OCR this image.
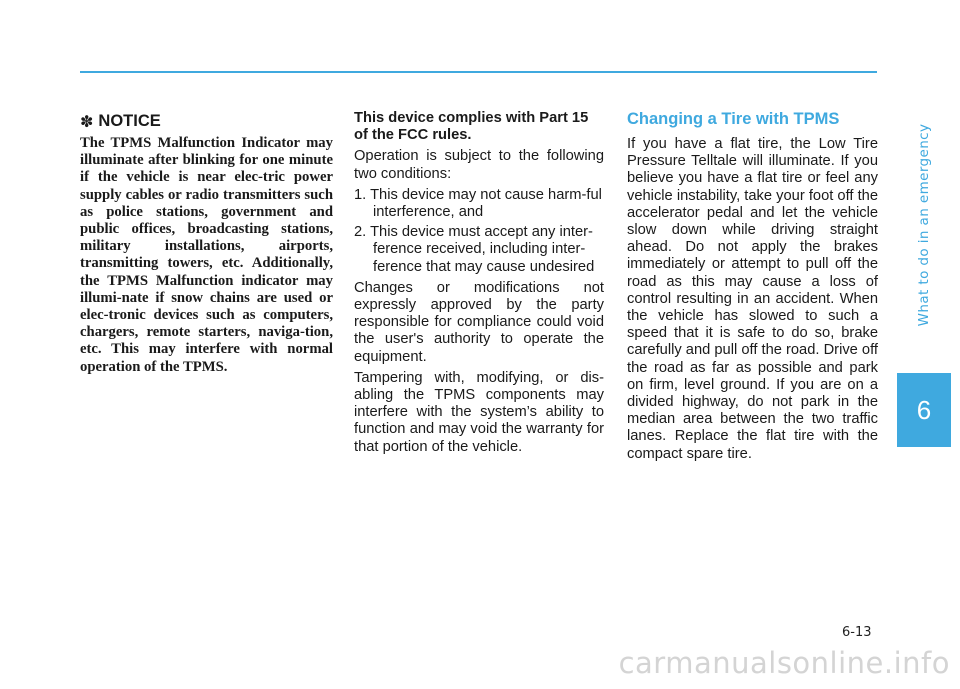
What to do in an emergency
6
✽ NOTICE

The TPMS Malfunction Indicator may illuminate after blinking for one minute if the vehicle is near elec-tric power supply cables or radio transmitters such as police stations, government and public offices, broadcasting stations, military installations, airports, transmitting towers, etc. Additionally, the TPMS Malfunction indicator may illumi-nate if snow chains are used or elec-tronic devices such as computers, chargers, remote starters, naviga-tion, etc. This may interfere with normal operation of the TPMS.

This device complies with Part 15 of the FCC rules.

Operation is subject to the following two conditions:

1. This device may not cause harm-ful interference, and
2. This device must accept any inter-ference received, including inter-ference that may cause undesired

Changes or modifications not expressly approved by the party responsible for compliance could void the user's authority to operate the equipment.

Tampering with, modifying, or dis-abling the TPMS components may interfere with the system’s ability to function and may void the warranty for that portion of the vehicle.

Changing a Tire with TPMS

If you have a flat tire, the Low Tire Pressure Telltale will illuminate. If you believe you have a flat tire or feel any vehicle instability, take your foot off the accelerator pedal and let the vehicle slow down while driving straight ahead. Do not apply the brakes immediately or attempt to pull off the road as this may cause a loss of control resulting in an accident. When the vehicle has slowed to such a speed that it is safe to do so, brake carefully and pull off the road. Drive off the road as far as possible and park on firm, level ground. If you are on a divided highway, do not park in the median area between the two traffic lanes. Replace the flat tire with the compact spare tire.

6-13
carmanualsonline.info
